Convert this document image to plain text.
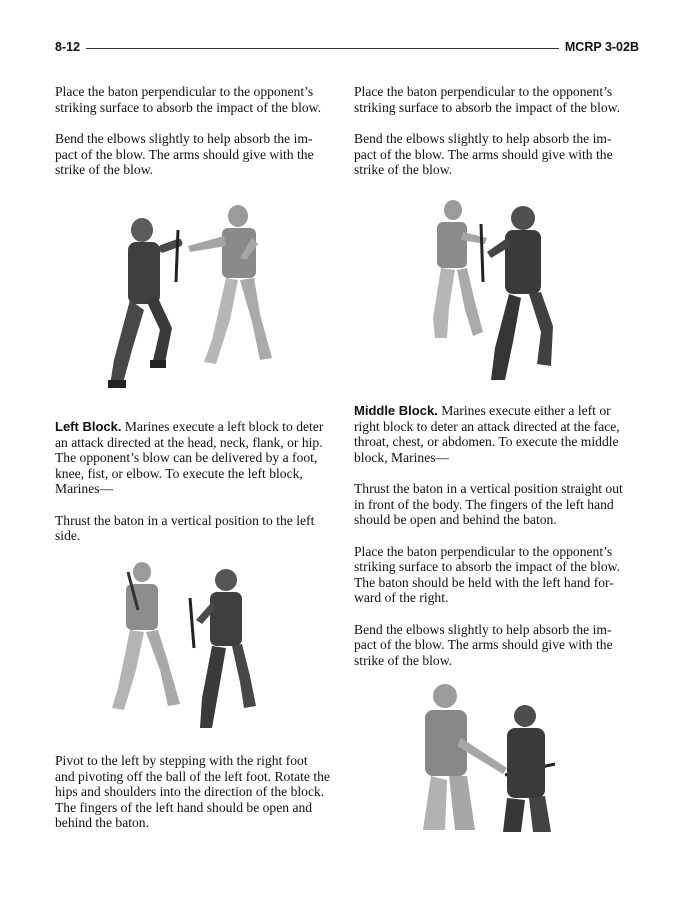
8-12	MCRP 3-02B

Place the baton perpendicular to the opponent’s
striking surface to absorb the impact of the blow.

Bend the elbows slightly to help absorb the im-
pact of the blow. The arms should give with the
strike of the blow.

Left Block. Marines execute a left block to deter
an attack directed at the head, neck, flank, or hip.
The opponent’s blow can be delivered by a foot,
knee, fist, or elbow. To execute the left block,
Marines—

Thrust the baton in a vertical position to the left
side.

Pivot to the left by stepping with the right foot
and pivoting off the ball of the left foot. Rotate the
hips and shoulders into the direction of the block.
The fingers of the left hand should be open and
behind the baton.

Place the baton perpendicular to the opponent’s
striking surface to absorb the impact of the blow.

Bend the elbows slightly to help absorb the im-
pact of the blow. The arms should give with the
strike of the blow.

Middle Block. Marines execute either a left or
right block to deter an attack directed at the face,
throat, chest, or abdomen. To execute the middle
block, Marines—

Thrust the baton in a vertical position straight out
in front of the body. The fingers of the left hand
should be open and behind the baton.

Place the baton perpendicular to the opponent’s
striking surface to absorb the impact of the blow.
The baton should be held with the left hand for-
ward of the right.

Bend the elbows slightly to help absorb the im-
pact of the blow. The arms should give with the
strike of the blow.
